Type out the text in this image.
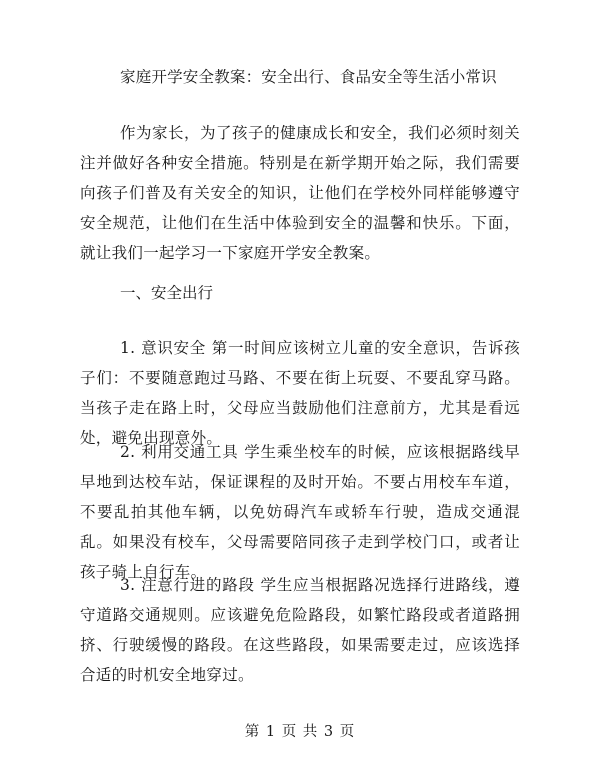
家庭开学安全教案：安全出行、食品安全等生活小常识

作为家长，为了孩子的健康成长和安全，我们必须时刻关注并做好各种安全措施。特别是在新学期开始之际，我们需要向孩子们普及有关安全的知识，让他们在学校外同样能够遵守安全规范，让他们在生活中体验到安全的温馨和快乐。下面，就让我们一起学习一下家庭开学安全教案。

一、安全出行

1. 意识安全 第一时间应该树立儿童的安全意识，告诉孩子们：不要随意跑过马路、不要在街上玩耍、不要乱穿马路。当孩子走在路上时，父母应当鼓励他们注意前方，尤其是看远处，避免出现意外。

2. 利用交通工具 学生乘坐校车的时候，应该根据路线早早地到达校车站，保证课程的及时开始。不要占用校车车道，不要乱拍其他车辆，以免妨碍汽车或轿车行驶，造成交通混乱。如果没有校车，父母需要陪同孩子走到学校门口，或者让孩子骑上自行车。

3. 注意行进的路段 学生应当根据路况选择行进路线，遵守道路交通规则。应该避免危险路段，如繁忙路段或者道路拥挤、行驶缓慢的路段。在这些路段，如果需要走过，应该选择合适的时机安全地穿过。

第 1 页 共 3 页
